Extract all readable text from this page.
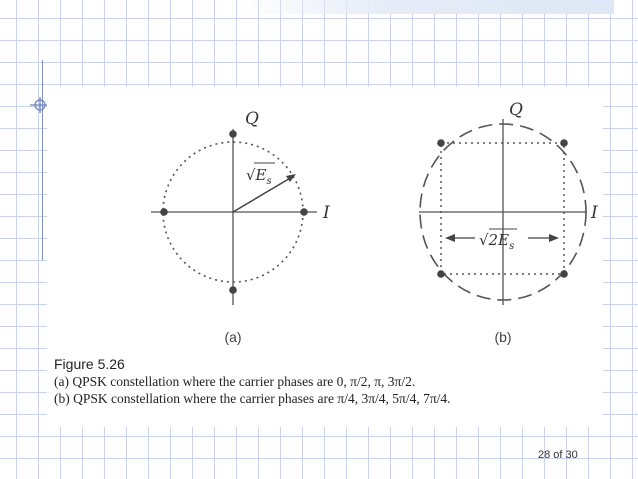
Q
I
$√E_s$
(a)
$√2E_s$
Q
I
(b)
Figure 5.26
(a) QPSK constellation where the carrier phases are 0, π/2, π, 3π/2.
(b) QPSK constellation where the carrier phases are π/4, 3π/4, 5π/4, 7π/4.
28 of 30
